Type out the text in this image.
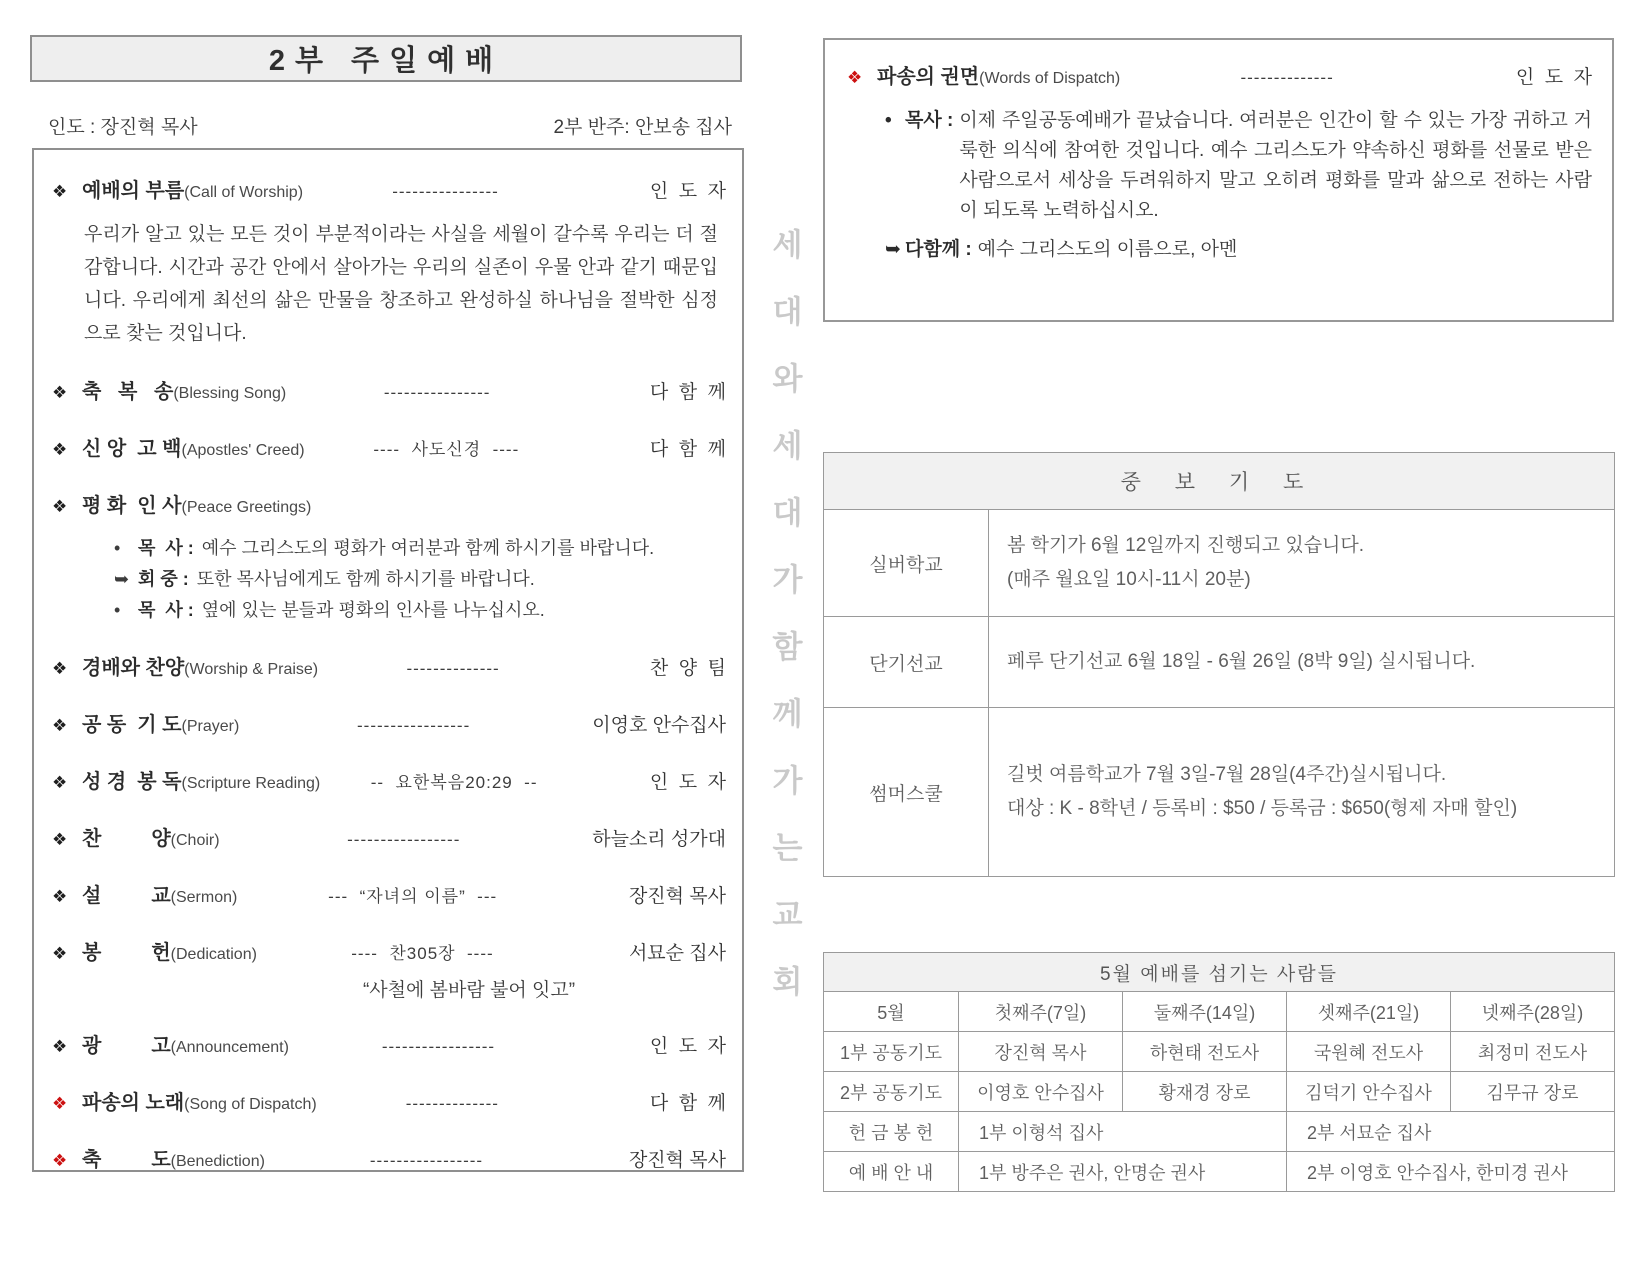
2부 주일예배
인도 : 장진혁 목사	2부 반주: 안보송 집사
❖ 예배의 부름 (Call of Worship)	----------------	인  도  자
우리가 알고 있는 모든 것이 부분적이라는 사실을 세월이 갈수록 우리는 더 절감합니다. 시간과 공간 안에서 살아가는 우리의 실존이 우물 안과 같기 때문입니다. 우리에게 최선의 삶은 만물을 창조하고 완성하실 하나님을 절박한 심정으로 찾는 것입니다.
❖ 축   복   송 (Blessing Song)	----------------	다  함  께
❖ 신 앙  고 백 (Apostles' Creed)	----  사도신경  ----	다  함  께
❖ 평 화  인 사 (Peace Greetings)
• 목  사 : 예수 그리스도의 평화가 여러분과 함께 하시기를 바랍니다.
➥ 회 중 : 또한 목사님에게도 함께 하시기를 바랍니다.
• 목  사 : 옆에 있는 분들과 평화의 인사를 나누십시오.
❖ 경배와 찬양 (Worship & Praise)	--------------	찬  양  팀
❖ 공 동  기 도 (Prayer)	-----------------	이영호 안수집사
❖ 성 경  봉 독 (Scripture Reading)	--  요한복음20:29  --	인  도  자
❖ 찬         양 (Choir)	-----------------	하늘소리 성가대
❖ 설         교 (Sermon)	---  “자녀의 이름”  ---	장진혁 목사
❖ 봉         헌 (Dedication)	----  찬305장  ----	서묘순 집사
“사철에 봄바람 불어 잇고”
❖ 광         고 (Announcement)	-----------------	인  도  자
❖ 파송의 노래 (Song of Dispatch)	--------------	다  함  께
❖ 축         도 (Benediction)	-----------------	장진혁 목사
세대와세대가함께가는교회
❖ 파송의 권면 (Words of Dispatch)	--------------	인  도  자
• 목사 : 이제 주일공동예배가 끝났습니다. 여러분은 인간이 할 수 있는 가장 귀하고 거룩한 의식에 참여한 것입니다. 예수 그리스도가 약속하신 평화를 선물로 받은 사람으로서 세상을 두려워하지 말고 오히려 평화를 말과 삶으로 전하는 사람이 되도록 노력하십시오.
➥ 다함께 : 예수 그리스도의 이름으로, 아멘
중 보 기 도	
실버학교	봄 학기가 6월 12일까지 진행되고 있습니다.
(매주 월요일 10시-11시 20분)

단기선교	페루 단기선교 6월 18일 - 6월 26일 (8박 9일) 실시됩니다.

썸머스쿨	길벗 여름학교가 7월 3일-7월 28일(4주간)실시됩니다.
대상 : K - 8학년 / 등록비 : $50 / 등록금 : $650(형제 자매 할인)
5월 예배를 섬기는 사람들				
5월	첫째주(7일)	둘째주(14일)	셋째주(21일)	넷째주(28일)
1부 공동기도	장진혁 목사	하현태 전도사	국원혜 전도사	최정미 전도사
2부 공동기도	이영호 안수집사	황재경 장로	김덕기 안수집사	김무규 장로
헌 금 봉 헌	1부 이형석 집사		2부 서묘순 집사	
예 배 안 내	1부 방주은 권사, 안명순 권사		2부 이영호 안수집사, 한미경 권사	
